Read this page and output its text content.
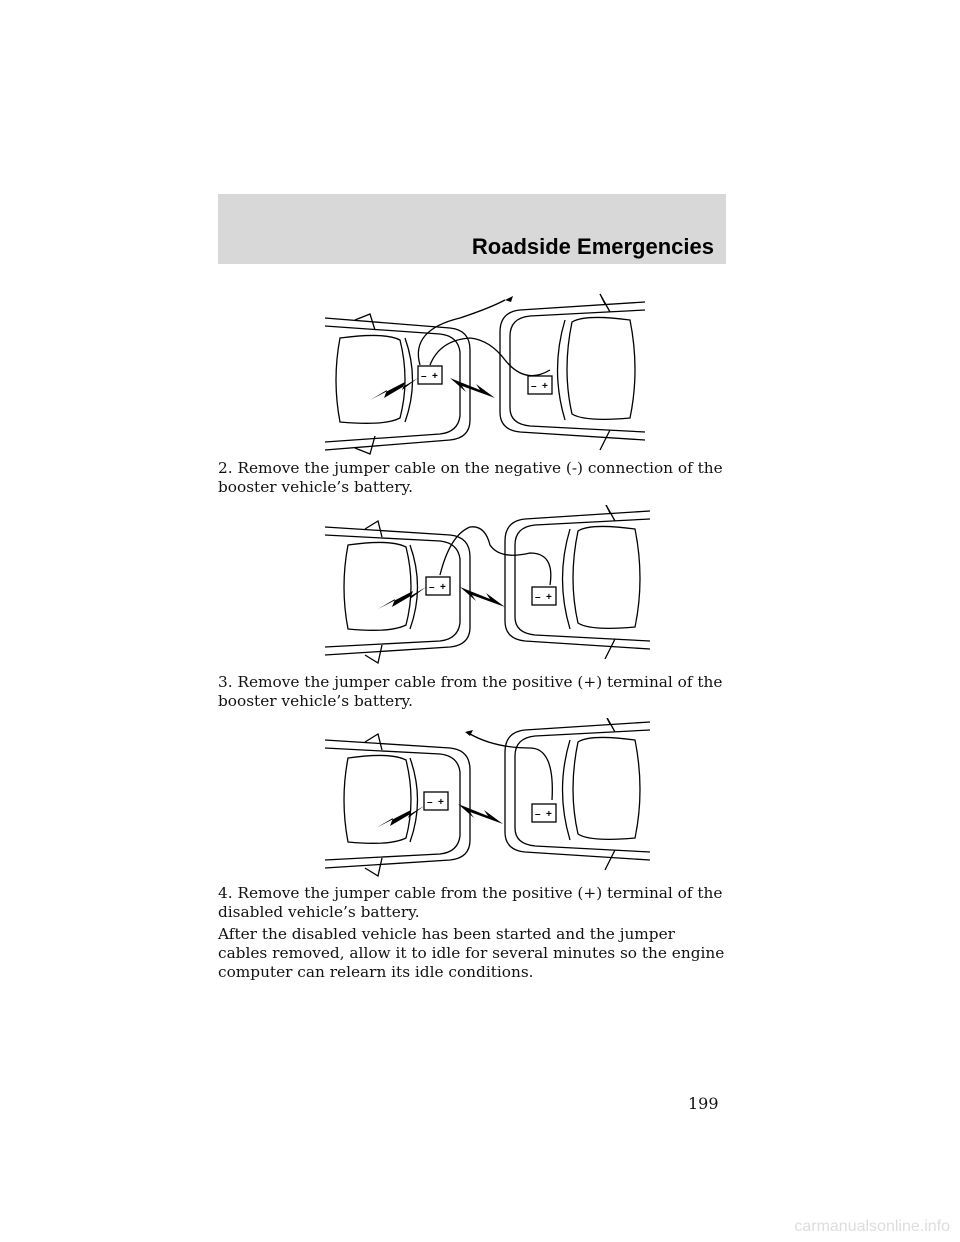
Roadside Emergencies
– +
– +

2. Remove the jumper cable on the negative (-) connection of the booster vehicle’s battery.

– +
– +

3. Remove the jumper cable from the positive (+) terminal of the booster vehicle’s battery.

– +
– +

4. Remove the jumper cable from the positive (+) terminal of the disabled vehicle’s battery.

After the disabled vehicle has been started and the jumper cables removed, allow it to idle for several minutes so the engine computer can relearn its idle conditions.

199
carmanualsonline.info
